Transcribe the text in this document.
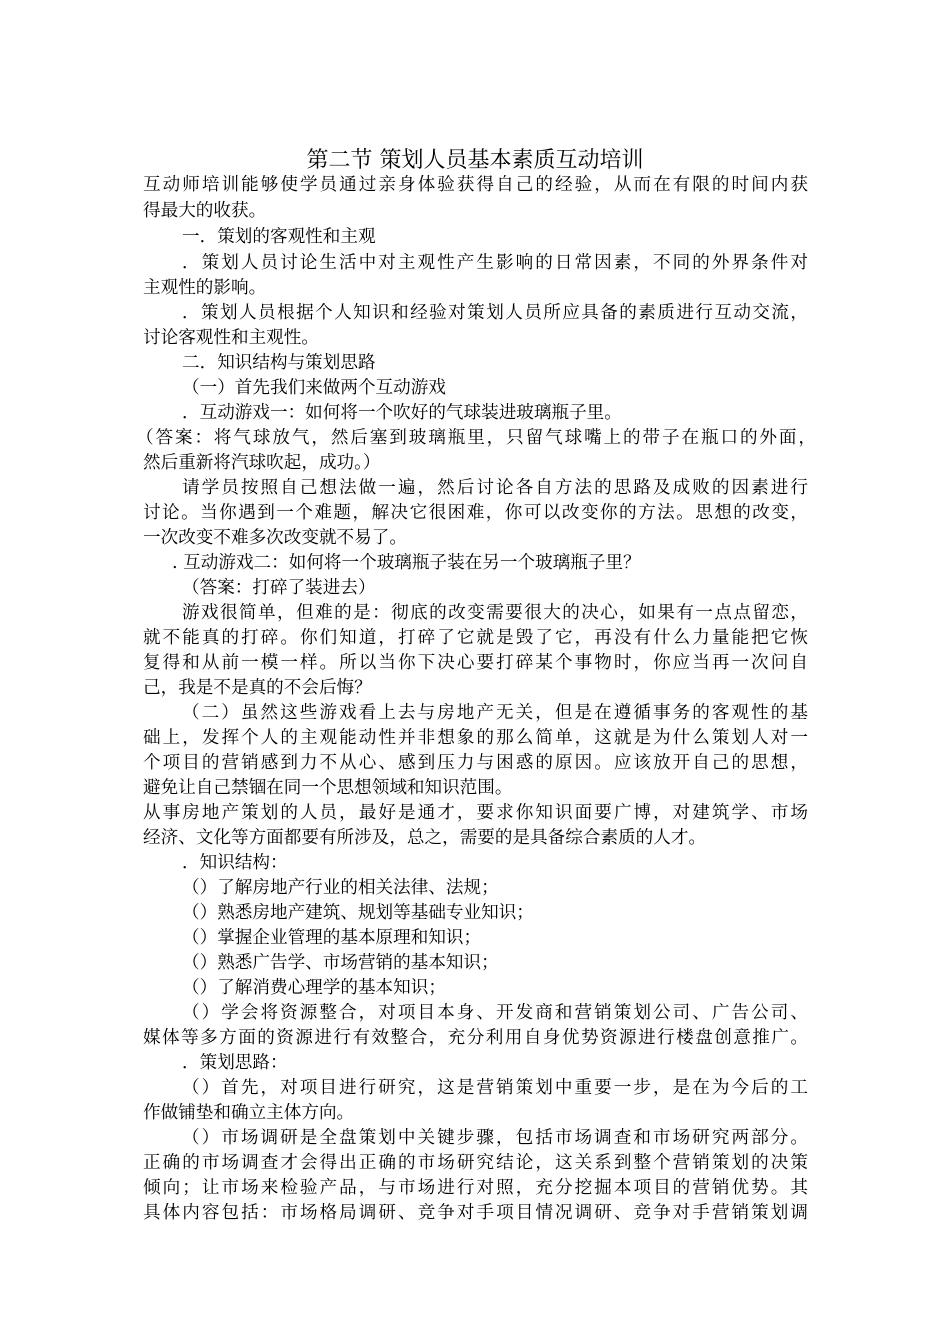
第二节 策划人员基本素质互动培训
互动师培训能够使学员通过亲身体验获得自己的经验，从而在有限的时间内获
得最大的收获。
一．策划的客观性和主观
．策划人员讨论生活中对主观性产生影响的日常因素，不同的外界条件对
主观性的影响。
．策划人员根据个人知识和经验对策划人员所应具备的素质进行互动交流，
讨论客观性和主观性。
二．知识结构与策划思路
（一）首先我们来做两个互动游戏
．互动游戏一：如何将一个吹好的气球装进玻璃瓶子里。
（答案：将气球放气，然后塞到玻璃瓶里，只留气球嘴上的带子在瓶口的外面，
然后重新将汽球吹起，成功。）
请学员按照自己想法做一遍，然后讨论各自方法的思路及成败的因素进行
讨论。当你遇到一个难题，解决它很困难，你可以改变你的方法。思想的改变，
一次改变不难多次改变就不易了。
. 互动游戏二：如何将一个玻璃瓶子装在另一个玻璃瓶子里？
（答案：打碎了装进去）
游戏很简单，但难的是：彻底的改变需要很大的决心，如果有一点点留恋，
就不能真的打碎。你们知道，打碎了它就是毁了它，再没有什么力量能把它恢
复得和从前一模一样。所以当你下决心要打碎某个事物时，你应当再一次问自
己，我是不是真的不会后悔？
（二）虽然这些游戏看上去与房地产无关，但是在遵循事务的客观性的基
础上，发挥个人的主观能动性并非想象的那么简单，这就是为什么策划人对一
个项目的营销感到力不从心、感到压力与困惑的原因。应该放开自己的思想，
避免让自己禁锢在同一个思想领域和知识范围。
从事房地产策划的人员，最好是通才，要求你知识面要广博，对建筑学、市场
经济、文化等方面都要有所涉及，总之，需要的是具备综合素质的人才。
．知识结构：
（）了解房地产行业的相关法律、法规；
（）熟悉房地产建筑、规划等基础专业知识；
（）掌握企业管理的基本原理和知识；
（）熟悉广告学、市场营销的基本知识；
（）了解消费心理学的基本知识；
（）学会将资源整合，对项目本身、开发商和营销策划公司、广告公司、
媒体等多方面的资源进行有效整合，充分利用自身优势资源进行楼盘创意推广。
．策划思路：
（）首先，对项目进行研究，这是营销策划中重要一步，是在为今后的工
作做铺垫和确立主体方向。
（）市场调研是全盘策划中关键步骤，包括市场调查和市场研究两部分。
正确的市场调查才会得出正确的市场研究结论，这关系到整个营销策划的决策
倾向；让市场来检验产品，与市场进行对照，充分挖掘本项目的营销优势。其
具体内容包括：市场格局调研、竞争对手项目情况调研、竞争对手营销策划调
